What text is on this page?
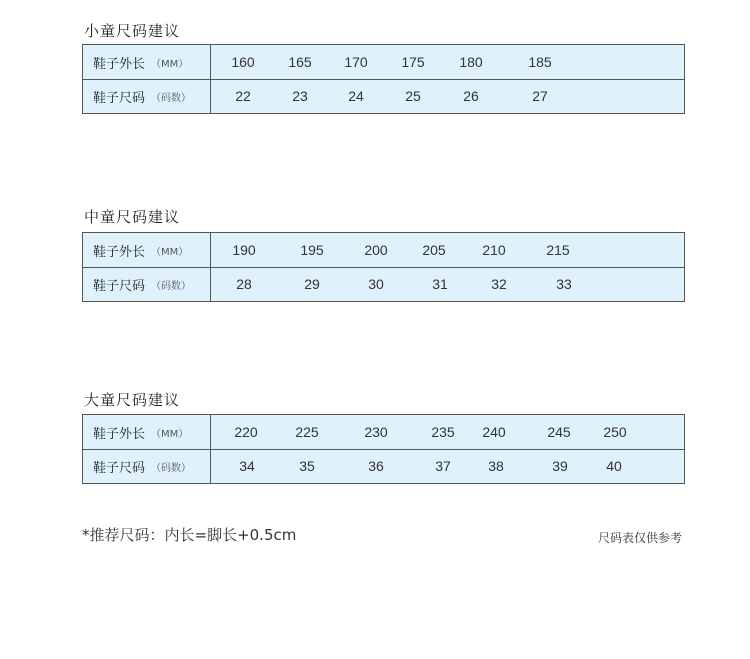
小童尺码建议
鞋子外长 （MM）	160	165	170	175	180	185
鞋子尺码 （码数）	22	23	24	25	26	27
中童尺码建议
鞋子外长 （MM）	190	195	200	205	210	215
鞋子尺码 （码数）	28	29	30	31	32	33
大童尺码建议
鞋子外长 （MM）	220	225	230	235	240	245	250
鞋子尺码 （码数）	34	35	36	37	38	39	40
*推荐尺码：内长=脚长+0.5cm	尺码表仅供参考
